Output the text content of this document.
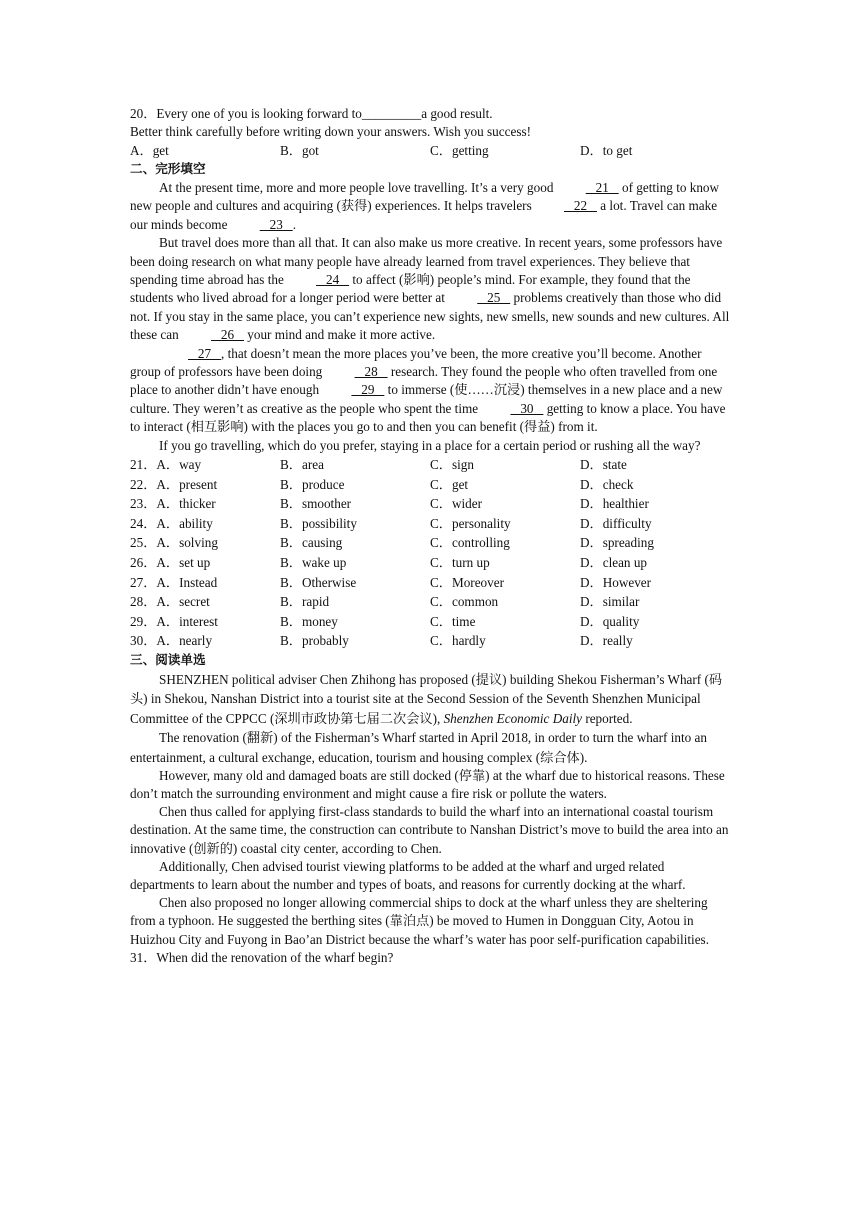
20．Every one of you is looking forward to_________a good result.
Better think carefully before writing down your answers. Wish you success!
A．get	B．got	C．getting	D．to get
二、完形填空
At the present time, more and more people love travelling. It’s a very good    21    of getting to know new people and cultures and acquiring (获得) experiences. It helps travelers    22    a lot. Travel can make our minds become    23   .
But travel does more than all that. It can also make us more creative. In recent years, some professors have been doing research on what many people have already learned from travel experiences. They believe that spending time abroad has the    24    to affect (影响) people’s mind. For example, they found that the students who lived abroad for a longer period were better at    25    problems creatively than those who did not. If you stay in the same place, you can’t experience new sights, new smells, new sounds and new cultures. All these can    26    your mind and make it more active.
27   , that doesn’t mean the more places you’ve been, the more creative you’ll become. Another group of professors have been doing    28    research. They found the people who often travelled from one place to another didn’t have enough    29    to immerse (使……沉浸) themselves in a new place and a new culture. They weren’t as creative as the people who spent the time    30    getting to know a place. You have to interact (相互影响) with the places you go to and then you can benefit (得益) from it.
If you go travelling, which do you prefer, staying in a place for a certain period or rushing all the way?
21．A．way	B．area	C．sign	D．state
22．A．present	B．produce	C．get	D．check
23．A．thicker	B．smoother	C．wider	D．healthier
24．A．ability	B．possibility	C．personality	D．difficulty
25．A．solving	B．causing	C．controlling	D．spreading
26．A．set up	B．wake up	C．turn up	D．clean up
27．A．Instead	B．Otherwise	C．Moreover	D．However
28．A．secret	B．rapid	C．common	D．similar
29．A．interest	B．money	C．time	D．quality
30．A．nearly	B．probably	C．hardly	D．really
三、阅读单选
SHENZHEN political adviser Chen Zhihong has proposed (提议) building Shekou Fisherman’s Wharf (码头) in Shekou, Nanshan District into a tourist site at the Second Session of the Seventh Shenzhen Municipal Committee of the CPPCC (深圳市政协第七届二次会议), Shenzhen Economic Daily reported.
The renovation (翻新) of the Fisherman’s Wharf started in April 2018, in order to turn the wharf into an entertainment, a cultural exchange, education, tourism and housing complex (综合体).
However, many old and damaged boats are still docked (停靠) at the wharf due to historical reasons. These don’t match the surrounding environment and might cause a fire risk or pollute the waters.
Chen thus called for applying first-class standards to build the wharf into an international coastal tourism destination. At the same time, the construction can contribute to Nanshan District’s move to build the area into an innovative (创新的) coastal city center, according to Chen.
Additionally, Chen advised tourist viewing platforms to be added at the wharf and urged related departments to learn about the number and types of boats, and reasons for currently docking at the wharf.
Chen also proposed no longer allowing commercial ships to dock at the wharf unless they are sheltering from a typhoon. He suggested the berthing sites (靠泊点) be moved to Humen in Dongguan City, Aotou in Huizhou City and Fuyong in Bao’an District because the wharf’s water has poor self-purification capabilities.
31．When did the renovation of the wharf begin?
